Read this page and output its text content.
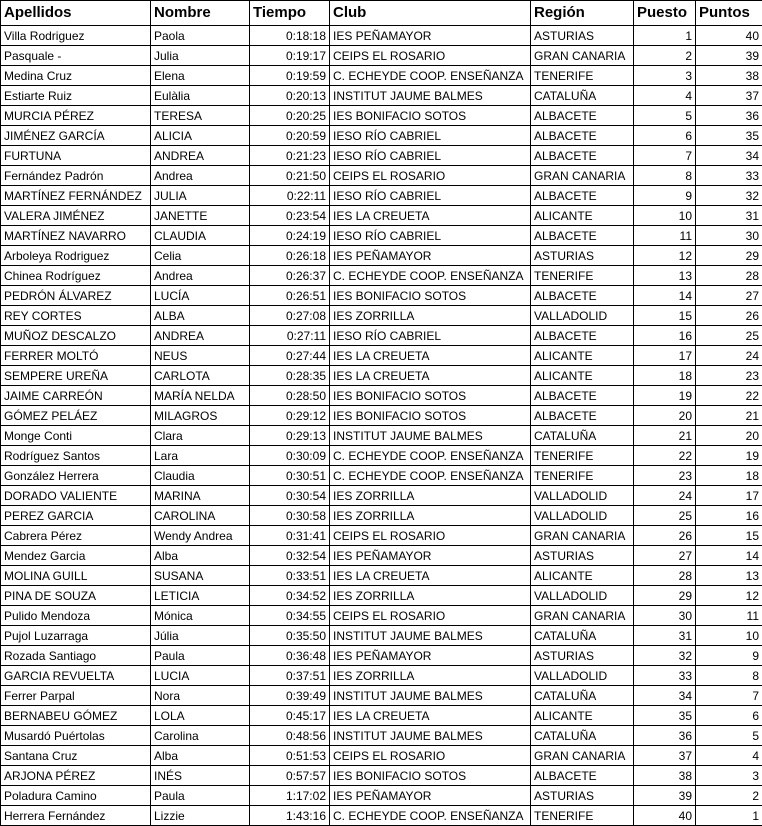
Apellidos	Nombre	Tiempo	Club	Región	Puesto	Puntos
Villa Rodriguez	Paola	0:18:18	IES PEÑAMAYOR	ASTURIAS	1	40
Pasquale -	Julia	0:19:17	CEIPS EL ROSARIO	GRAN CANARIA	2	39
Medina Cruz	Elena	0:19:59	C. ECHEYDE COOP. ENSEÑANZA	TENERIFE	3	38
Estiarte Ruiz	Eulàlia	0:20:13	INSTITUT JAUME BALMES	CATALUÑA	4	37
MURCIA PÉREZ	TERESA	0:20:25	IES BONIFACIO SOTOS	ALBACETE	5	36
JIMÉNEZ GARCÍA	ALICIA	0:20:59	IESO RÍO CABRIEL	ALBACETE	6	35
FURTUNA	ANDREA	0:21:23	IESO RÍO CABRIEL	ALBACETE	7	34
Fernández Padrón	Andrea	0:21:50	CEIPS EL ROSARIO	GRAN CANARIA	8	33
MARTÍNEZ FERNÁNDEZ	JULIA	0:22:11	IESO RÍO CABRIEL	ALBACETE	9	32
VALERA JIMÉNEZ	JANETTE	0:23:54	IES LA CREUETA	ALICANTE	10	31
MARTÍNEZ NAVARRO	CLAUDIA	0:24:19	IESO RÍO CABRIEL	ALBACETE	11	30
Arboleya Rodriguez	Celia	0:26:18	IES PEÑAMAYOR	ASTURIAS	12	29
Chinea Rodríguez	Andrea	0:26:37	C. ECHEYDE COOP. ENSEÑANZA	TENERIFE	13	28
PEDRÓN ÁLVAREZ	LUCÍA	0:26:51	IES BONIFACIO SOTOS	ALBACETE	14	27
REY CORTES	ALBA	0:27:08	IES ZORRILLA	VALLADOLID	15	26
MUÑOZ DESCALZO	ANDREA	0:27:11	IESO RÍO CABRIEL	ALBACETE	16	25
FERRER MOLTÓ	NEUS	0:27:44	IES LA CREUETA	ALICANTE	17	24
SEMPERE UREÑA	CARLOTA	0:28:35	IES LA CREUETA	ALICANTE	18	23
JAIME CARREÓN	MARÍA NELDA	0:28:50	IES BONIFACIO SOTOS	ALBACETE	19	22
GÓMEZ PELÁEZ	MILAGROS	0:29:12	IES BONIFACIO SOTOS	ALBACETE	20	21
Monge Conti	Clara	0:29:13	INSTITUT JAUME BALMES	CATALUÑA	21	20
Rodríguez Santos	Lara	0:30:09	C. ECHEYDE COOP. ENSEÑANZA	TENERIFE	22	19
González Herrera	Claudia	0:30:51	C. ECHEYDE COOP. ENSEÑANZA	TENERIFE	23	18
DORADO VALIENTE	MARINA	0:30:54	IES ZORRILLA	VALLADOLID	24	17
PEREZ GARCIA	CAROLINA	0:30:58	IES ZORRILLA	VALLADOLID	25	16
Cabrera Pérez	Wendy Andrea	0:31:41	CEIPS EL ROSARIO	GRAN CANARIA	26	15
Mendez Garcia	Alba	0:32:54	IES PEÑAMAYOR	ASTURIAS	27	14
MOLINA GUILL	SUSANA	0:33:51	IES LA CREUETA	ALICANTE	28	13
PINA DE SOUZA	LETICIA	0:34:52	IES ZORRILLA	VALLADOLID	29	12
Pulido Mendoza	Mónica	0:34:55	CEIPS EL ROSARIO	GRAN CANARIA	30	11
Pujol Luzarraga	Júlia	0:35:50	INSTITUT JAUME BALMES	CATALUÑA	31	10
Rozada Santiago	Paula	0:36:48	IES PEÑAMAYOR	ASTURIAS	32	9
GARCIA REVUELTA	LUCIA	0:37:51	IES ZORRILLA	VALLADOLID	33	8
Ferrer Parpal	Nora	0:39:49	INSTITUT JAUME BALMES	CATALUÑA	34	7
BERNABEU GÓMEZ	LOLA	0:45:17	IES LA CREUETA	ALICANTE	35	6
Musardó Puértolas	Carolina	0:48:56	INSTITUT JAUME BALMES	CATALUÑA	36	5
Santana Cruz	Alba	0:51:53	CEIPS EL ROSARIO	GRAN CANARIA	37	4
ARJONA PÉREZ	INÉS	0:57:57	IES BONIFACIO SOTOS	ALBACETE	38	3
Poladura Camino	Paula	1:17:02	IES PEÑAMAYOR	ASTURIAS	39	2
Herrera Fernández	Lizzie	1:43:16	C. ECHEYDE COOP. ENSEÑANZA	TENERIFE	40	1
